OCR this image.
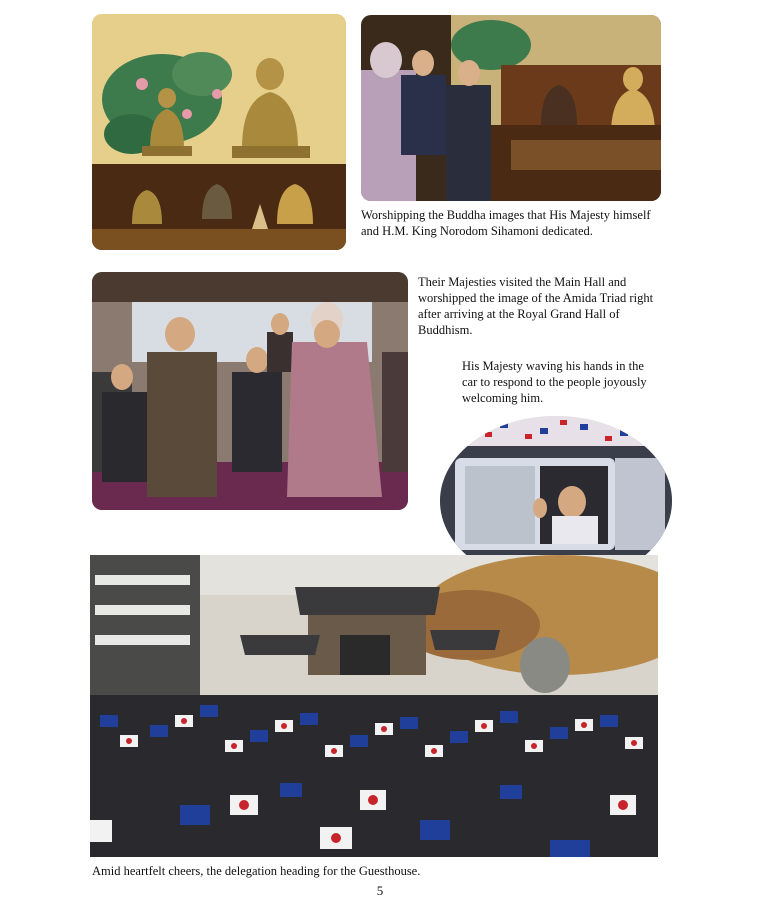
Worshipping the Buddha images that His Majesty himself and H.M. King Norodom Sihamoni dedicated.
Their Majesties visited the Main Hall and worshipped the image of the Amida Triad right after arriving at the Royal Grand Hall of Buddhism.
His Majesty waving his hands in the car to respond to the people joyously welcoming him.
Amid heartfelt cheers, the delegation heading for the Guesthouse.
5
